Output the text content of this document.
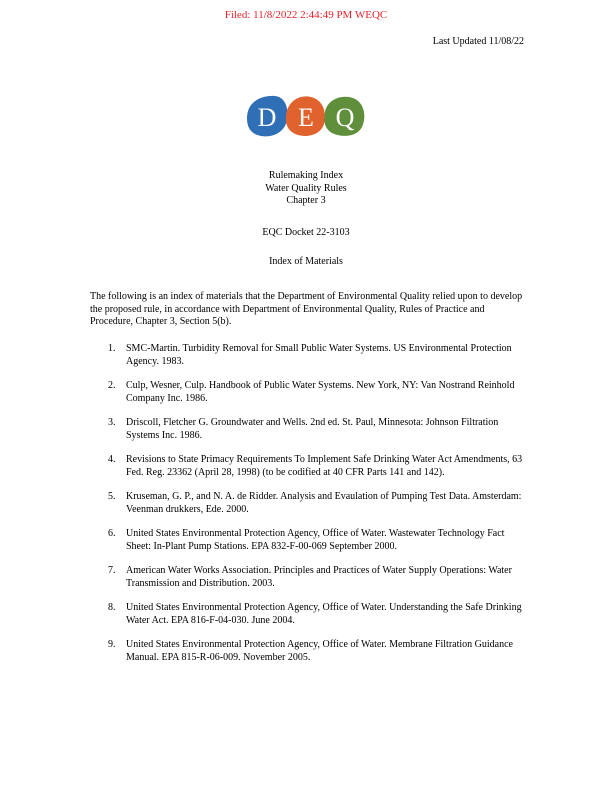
Filed: 11/8/2022 2:44:49 PM WEQC
Last Updated 11/08/22
D E Q
Rulemaking Index
Water Quality Rules
Chapter 3
EQC Docket 22-3103
Index of Materials
The following is an index of materials that the Department of Environmental Quality relied upon to develop the proposed rule, in accordance with Department of Environmental Quality, Rules of Practice and Procedure, Chapter 3, Section 5(b).
1. SMC-Martin. Turbidity Removal for Small Public Water Systems. US Environmental Protection Agency. 1983.
2. Culp, Wesner, Culp. Handbook of Public Water Systems. New York, NY: Van Nostrand Reinhold Company Inc. 1986.
3. Driscoll, Fletcher G. Groundwater and Wells. 2nd ed. St. Paul, Minnesota: Johnson Filtration Systems Inc. 1986.
4. Revisions to State Primacy Requirements To Implement Safe Drinking Water Act Amendments, 63 Fed. Reg. 23362 (April 28, 1998) (to be codified at 40 CFR Parts 141 and 142).
5. Kruseman, G. P., and N. A. de Ridder. Analysis and Evaulation of Pumping Test Data. Amsterdam: Veenman drukkers, Ede. 2000.
6. United States Environmental Protection Agency, Office of Water. Wastewater Technology Fact Sheet: In-Plant Pump Stations. EPA 832-F-00-069 September 2000.
7. American Water Works Association. Principles and Practices of Water Supply Operations: Water Transmission and Distribution. 2003.
8. United States Environmental Protection Agency, Office of Water. Understanding the Safe Drinking Water Act. EPA 816-F-04-030. June 2004.
9. United States Environmental Protection Agency, Office of Water. Membrane Filtration Guidance Manual. EPA 815-R-06-009. November 2005.
